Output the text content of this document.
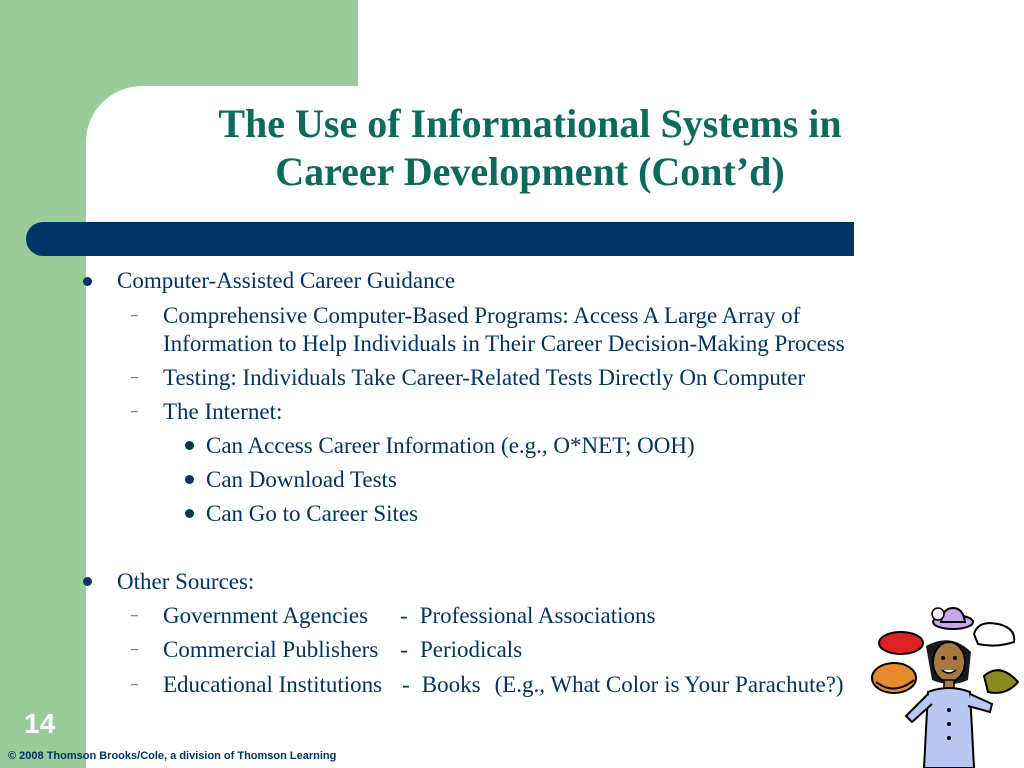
The Use of Informational Systems in
Career Development (Cont’d)
Computer-Assisted Career Guidance
– Comprehensive Computer-Based Programs: Access A Large Array of
Information to Help Individuals in Their Career Decision-Making Process
– Testing: Individuals Take Career-Related Tests Directly On Computer
– The Internet:
Can Access Career Information (e.g., O*NET; OOH)
Can Download Tests
Can Go to Career Sites
Other Sources:
– Government Agencies - Professional Associations
– Commercial Publishers - Periodicals
– Educational Institutions - Books (E.g., What Color is Your Parachute?)
14
© 2008 Thomson Brooks/Cole, a division of Thomson Learning
